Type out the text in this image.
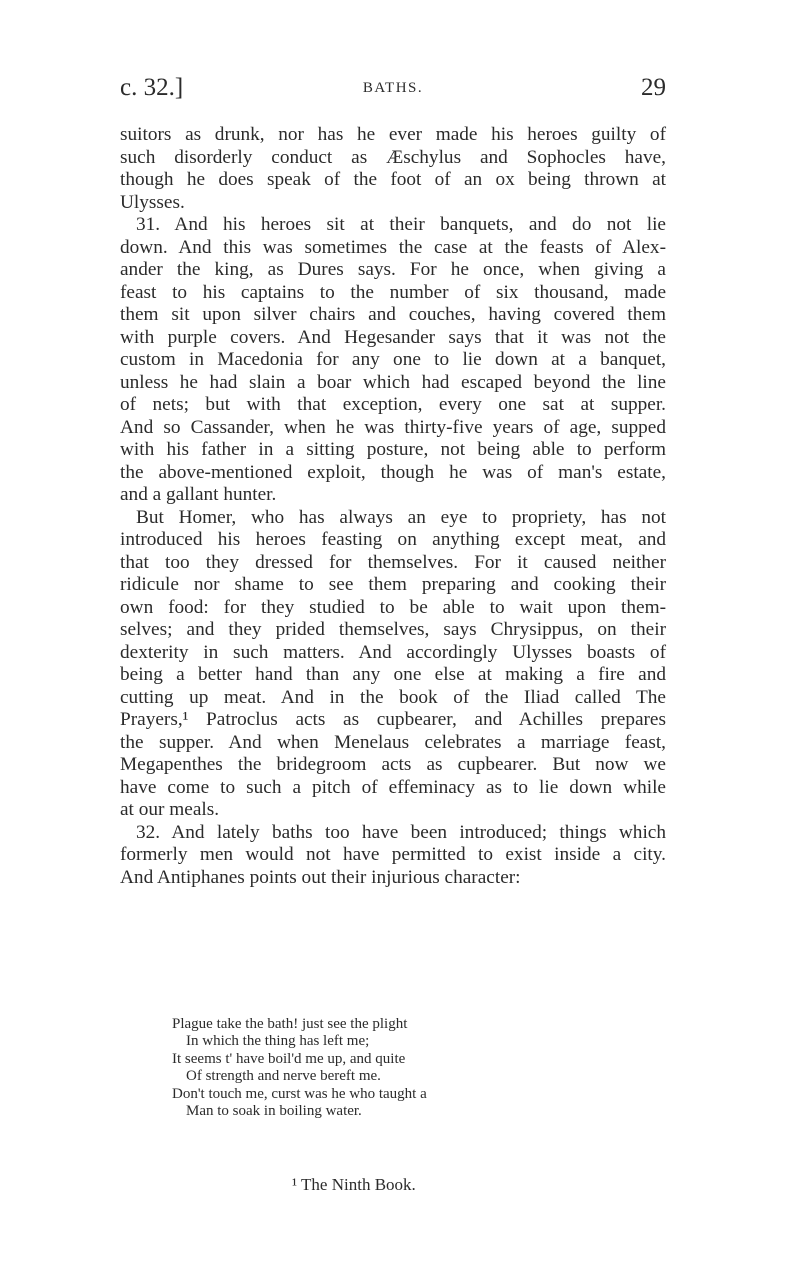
c. 32.]	BATHS.	29
suitors as drunk, nor has he ever made his heroes guilty of
such disorderly conduct as Æschylus and Sophocles have,
though he does speak of the foot of an ox being thrown at
Ulysses.
31. And his heroes sit at their banquets, and do not lie
down. And this was sometimes the case at the feasts of Alex-
ander the king, as Dures says. For he once, when giving a
feast to his captains to the number of six thousand, made
them sit upon silver chairs and couches, having covered them
with purple covers. And Hegesander says that it was not the
custom in Macedonia for any one to lie down at a banquet,
unless he had slain a boar which had escaped beyond the line
of nets; but with that exception, every one sat at supper.
And so Cassander, when he was thirty-five years of age, supped
with his father in a sitting posture, not being able to perform
the above-mentioned exploit, though he was of man's estate,
and a gallant hunter.
But Homer, who has always an eye to propriety, has not
introduced his heroes feasting on anything except meat, and
that too they dressed for themselves. For it caused neither
ridicule nor shame to see them preparing and cooking their
own food: for they studied to be able to wait upon them-
selves; and they prided themselves, says Chrysippus, on their
dexterity in such matters. And accordingly Ulysses boasts of
being a better hand than any one else at making a fire and
cutting up meat. And in the book of the Iliad called The
Prayers,¹ Patroclus acts as cupbearer, and Achilles prepares
the supper. And when Menelaus celebrates a marriage feast,
Megapenthes the bridegroom acts as cupbearer. But now we
have come to such a pitch of effeminacy as to lie down while
at our meals.
32. And lately baths too have been introduced; things which
formerly men would not have permitted to exist inside a city.
And Antiphanes points out their injurious character:
Plague take the bath! just see the plight
In which the thing has left me;
It seems t' have boil'd me up, and quite
Of strength and nerve bereft me.
Don't touch me, curst was he who taught a
Man to soak in boiling water.
¹ The Ninth Book.
